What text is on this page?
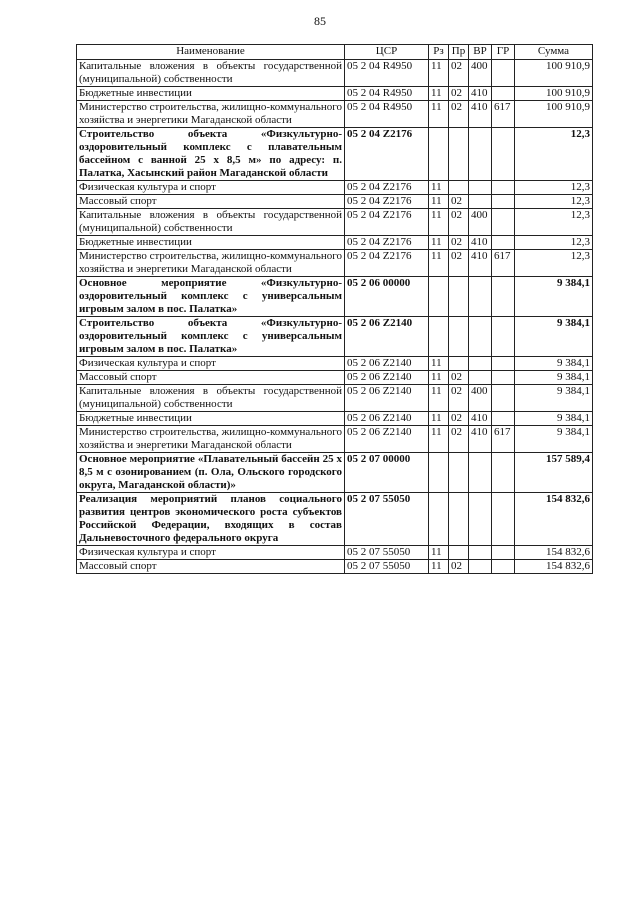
85
Наименование	ЦСР	Рз	Пр	ВР	ГР	Сумма
Капитальные вложения в объекты государственной (муниципальной) собственности	05 2 04 R4950	11	02	400		100 910,9
Бюджетные инвестиции	05 2 04 R4950	11	02	410		100 910,9
Министерство строительства, жилищно-коммунального хозяйства и энергетики Магаданской области	05 2 04 R4950	11	02	410	617	100 910,9
Строительство объекта «Физкультурно-оздоровительный комплекс с плавательным бассейном с ванной 25 х 8,5 м» по адресу: п. Палатка, Хасынский район Магаданской области	05 2 04 Z2176					12,3
Физическая культура и спорт	05 2 04 Z2176	11				12,3
Массовый спорт	05 2 04 Z2176	11	02			12,3
Капитальные вложения в объекты государственной (муниципальной) собственности	05 2 04 Z2176	11	02	400		12,3
Бюджетные инвестиции	05 2 04 Z2176	11	02	410		12,3
Министерство строительства, жилищно-коммунального хозяйства и энергетики Магаданской области	05 2 04 Z2176	11	02	410	617	12,3
Основное мероприятие «Физкультурно-оздоровительный комплекс с универсальным игровым залом в пос. Палатка»	05 2 06 00000					9 384,1
Строительство объекта «Физкультурно-оздоровительный комплекс с универсальным игровым залом в пос. Палатка»	05 2 06 Z2140					9 384,1
Физическая культура и спорт	05 2 06 Z2140	11				9 384,1
Массовый спорт	05 2 06 Z2140	11	02			9 384,1
Капитальные вложения в объекты государственной (муниципальной) собственности	05 2 06 Z2140	11	02	400		9 384,1
Бюджетные инвестиции	05 2 06 Z2140	11	02	410		9 384,1
Министерство строительства, жилищно-коммунального хозяйства и энергетики Магаданской области	05 2 06 Z2140	11	02	410	617	9 384,1
Основное мероприятие «Плавательный бассейн 25 х 8,5 м с озонированием (п. Ола, Ольского городского округа, Магаданской области)»	05 2 07 00000					157 589,4
Реализация мероприятий планов социального развития центров экономического роста субъектов Российской Федерации, входящих в состав Дальневосточного федерального округа	05 2 07 55050					154 832,6
Физическая культура и спорт	05 2 07 55050	11				154 832,6
Массовый спорт	05 2 07 55050	11	02			154 832,6
